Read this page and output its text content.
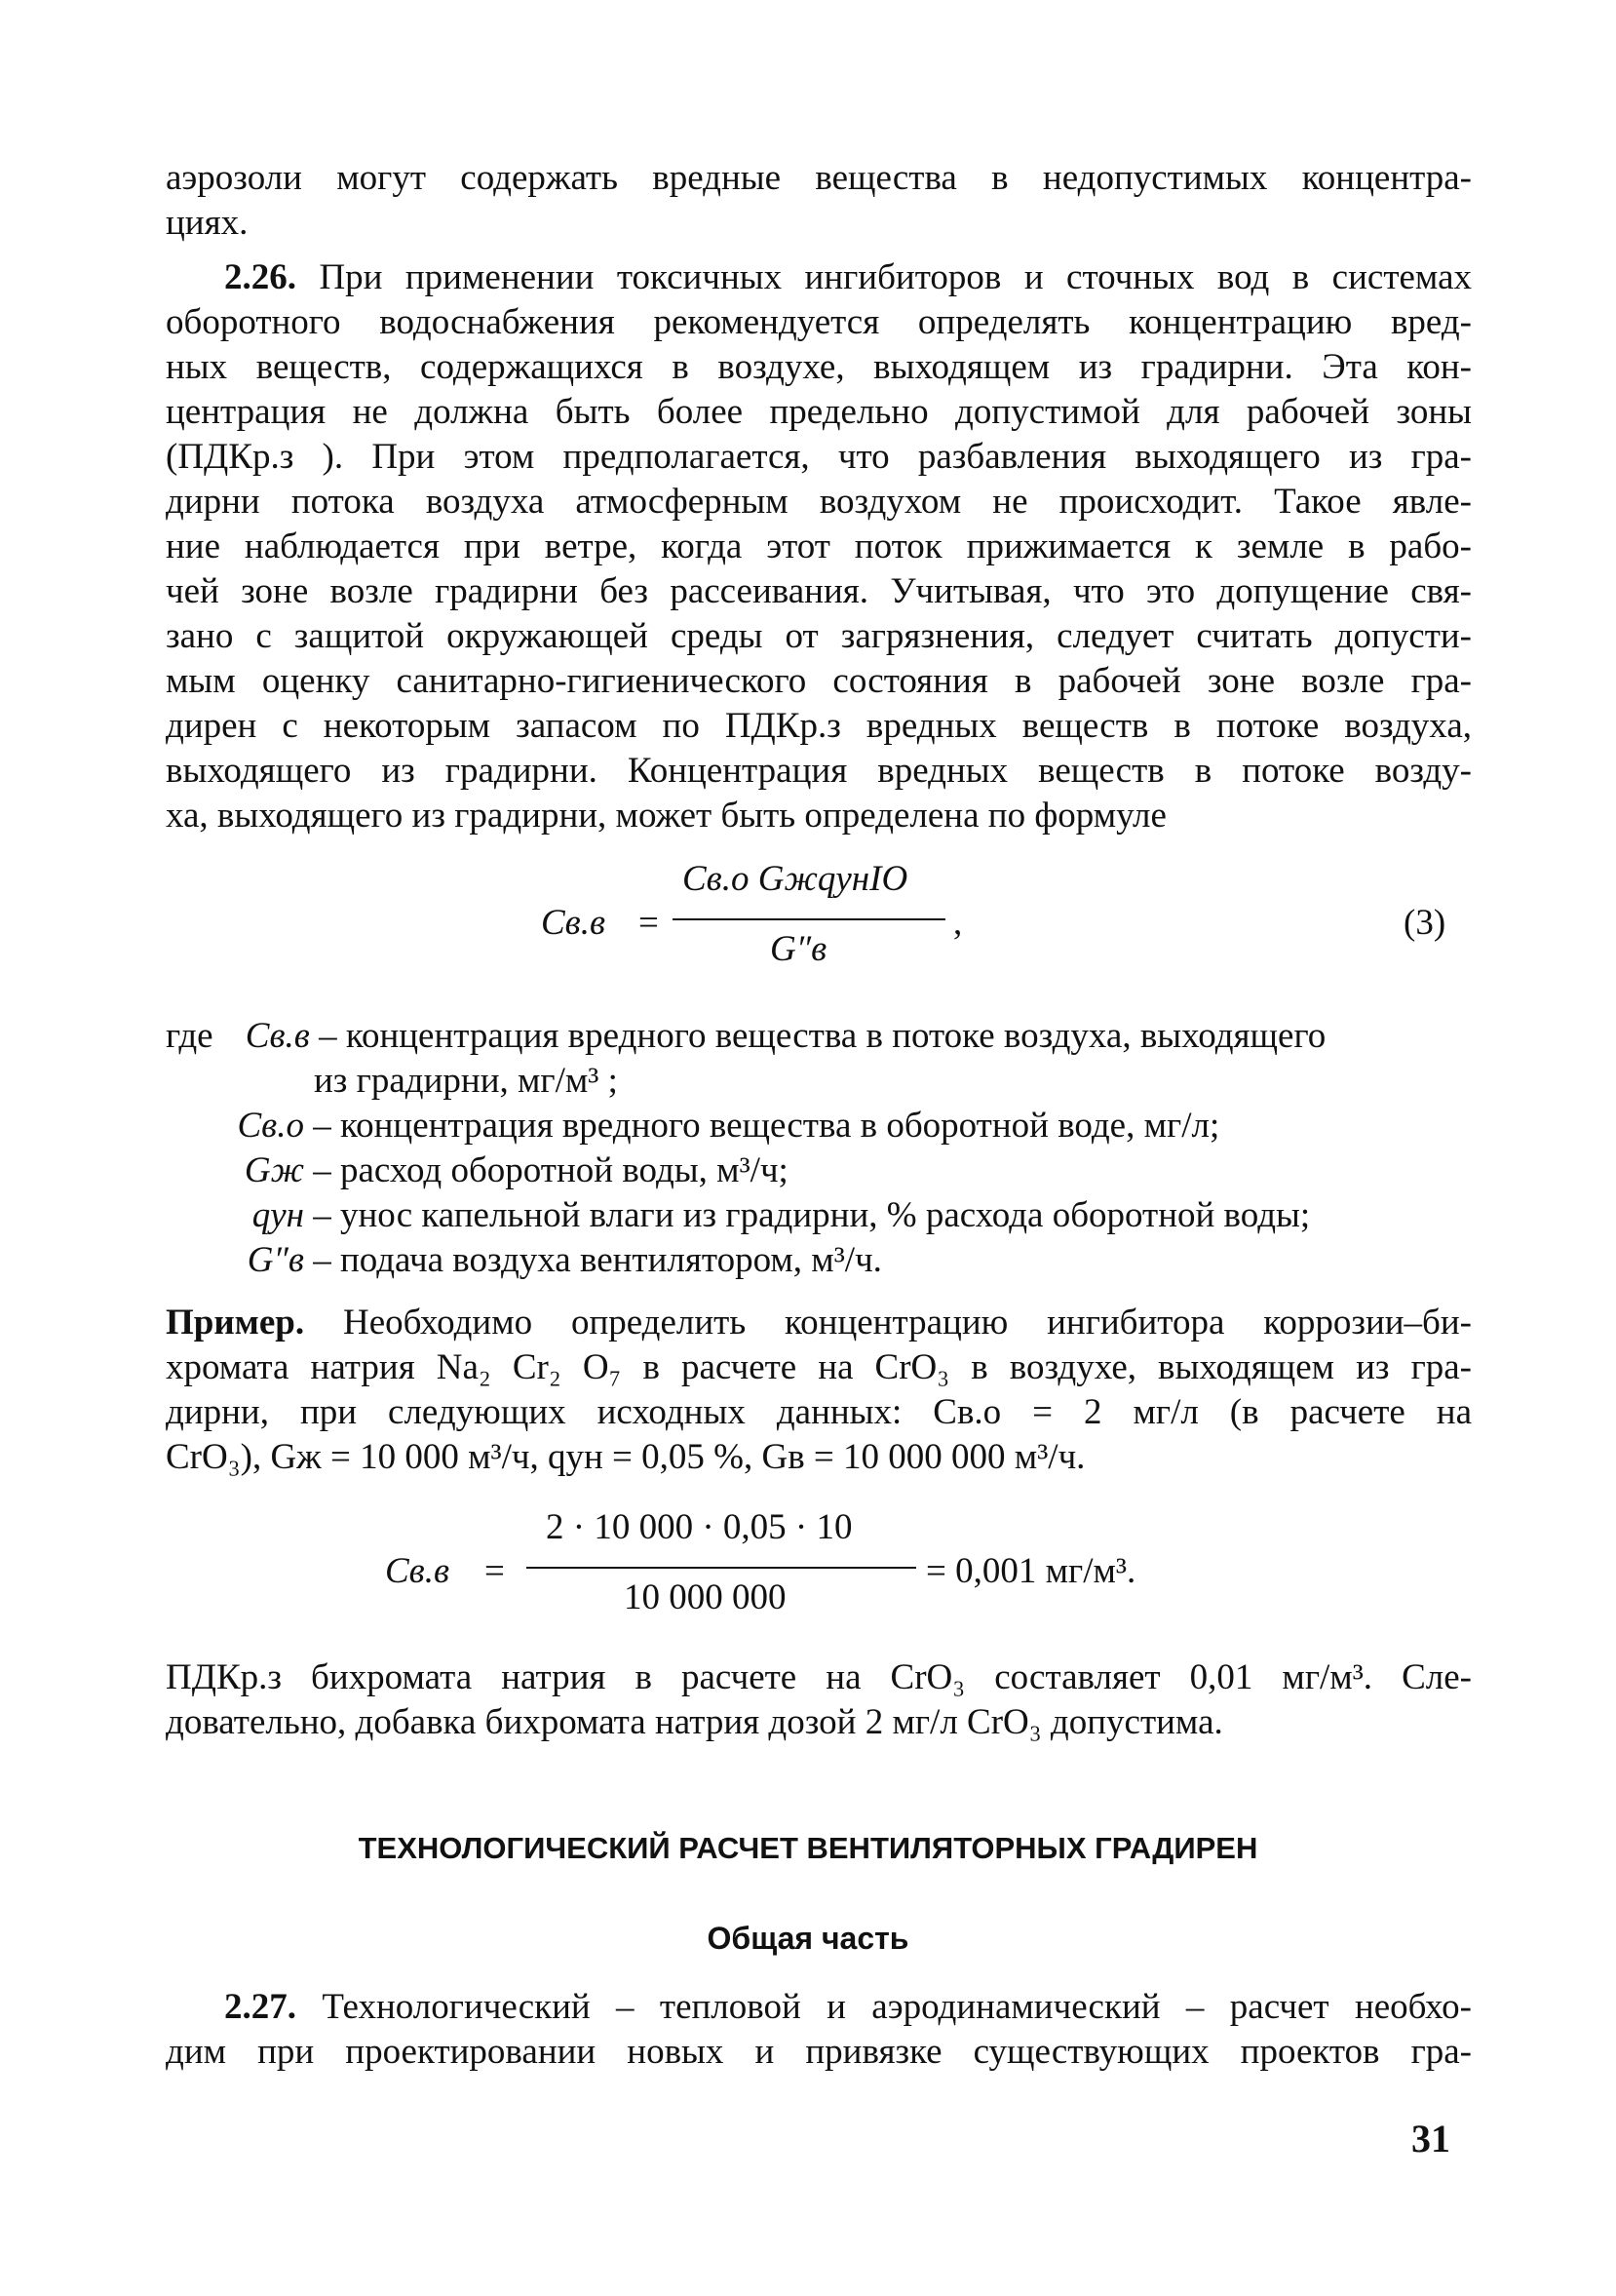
аэрозоли могут содержать вредные вещества в недопустимых концентра-
циях.
2.26. При применении токсичных ингибиторов и сточных вод в системах
оборотного водоснабжения рекомендуется определять концентрацию вред-
ных веществ, содержащихся в воздухе, выходящем из градирни. Эта кон-
центрация не должна быть более предельно допустимой для рабочей зоны
(ПДКр.з ). При этом предполагается, что разбавления выходящего из гра-
дирни потока воздуха атмосферным воздухом не происходит. Такое явле-
ние наблюдается при ветре, когда этот поток прижимается к земле в рабо-
чей зоне возле градирни без рассеивания. Учитывая, что это допущение свя-
зано с защитой окружающей среды от загрязнения, следует считать допусти-
мым оценку санитарно-гигиенического состояния в рабочей зоне возле гра-
дирен с некоторым запасом по ПДКр.з вредных веществ в потоке воздуха,
выходящего из градирни. Концентрация вредных веществ в потоке возду-
ха, выходящего из градирни, может быть определена по формуле
Cв.в =
Cв.о GжqунIO
G″в
,	(3)
где Cв.в – концентрация вредного вещества в потоке воздуха, выходящего
из градирни, мг/м³ ;
Cв.о – концентрация вредного вещества в оборотной воде, мг/л;
Gж – расход оборотной воды, м³/ч;
qун – унос капельной влаги из градирни, % расхода оборотной воды;
G″в – подача воздуха вентилятором, м³/ч.
Пример. Необходимо определить концентрацию ингибитора коррозии–би-
хромата натрия Na₂ Cr₂ O₇ в расчете на CrO₃ в воздухе, выходящем из гра-
дирни, при следующих исходных данных: Cв.о = 2 мг/л (в расчете на
CrO₃), Gж = 10 000 м³/ч, qун = 0,05 %, Gв = 10 000 000 м³/ч.
Cв.в =
2 · 10 000 · 0,05 · 10
10 000 000
= 0,001 мг/м³.
ПДКр.з бихромата натрия в расчете на CrO₃ составляет 0,01 мг/м³. Сле-
довательно, добавка бихромата натрия дозой 2 мг/л CrO₃ допустима.
ТЕХНОЛОГИЧЕСКИЙ РАСЧЕТ ВЕНТИЛЯТОРНЫХ ГРАДИРЕН
Общая часть
2.27. Технологический – тепловой и аэродинамический – расчет необхо-
дим при проектировании новых и привязке существующих проектов гра-
31
